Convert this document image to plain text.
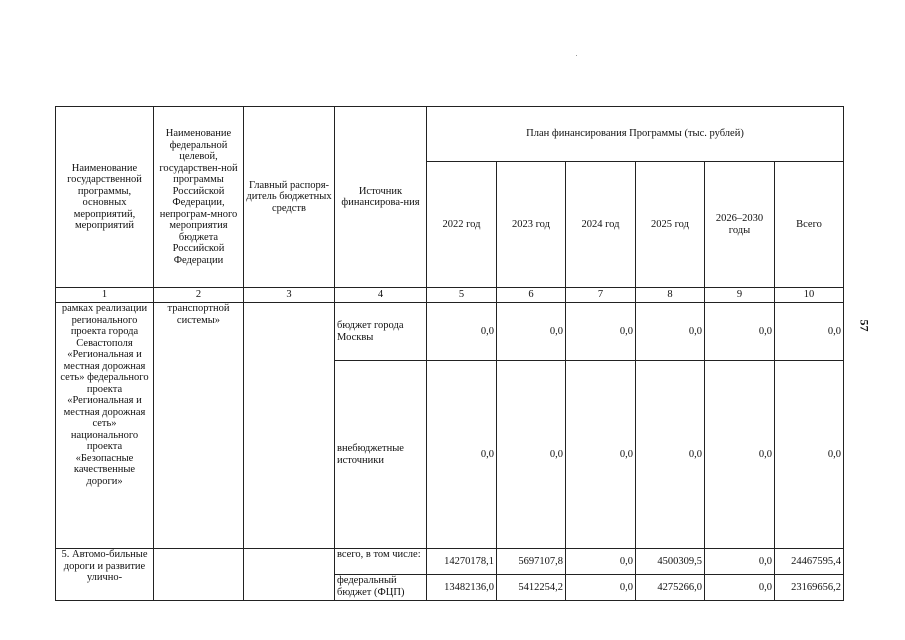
57
Наименование государственной программы, основных мероприятий, мероприятий	Наименование федеральной целевой, государствен-ной программы Российской Федерации, непрограм-много мероприятия бюджета Российской Федерации	Главный распоря-дитель бюджетных средств	Источник финансирова-ния	План финансирования Программы (тыс. рублей)					
				2022 год	2023 год	2024 год	2025 год	2026–2030 годы	Всего
1	2	3	4	5	6	7	8	9	10
рамках реализации регионального проекта города Севастополя «Региональная и местная дорожная сеть» федерального проекта «Региональная и местная дорожная сеть» национального проекта «Безопасные качественные дороги»	транспортной системы»		бюджет города Москвы	0,0	0,0	0,0	0,0	0,0	0,0
			внебюджетные источники	0,0	0,0	0,0	0,0	0,0	0,0
5. Автомо-бильные дороги и развитие улично-			всего, в том числе:	14270178,1	5697107,8	0,0	4500309,5	0,0	24467595,4
			федеральный бюджет (ФЦП)	13482136,0	5412254,2	0,0	4275266,0	0,0	23169656,2
